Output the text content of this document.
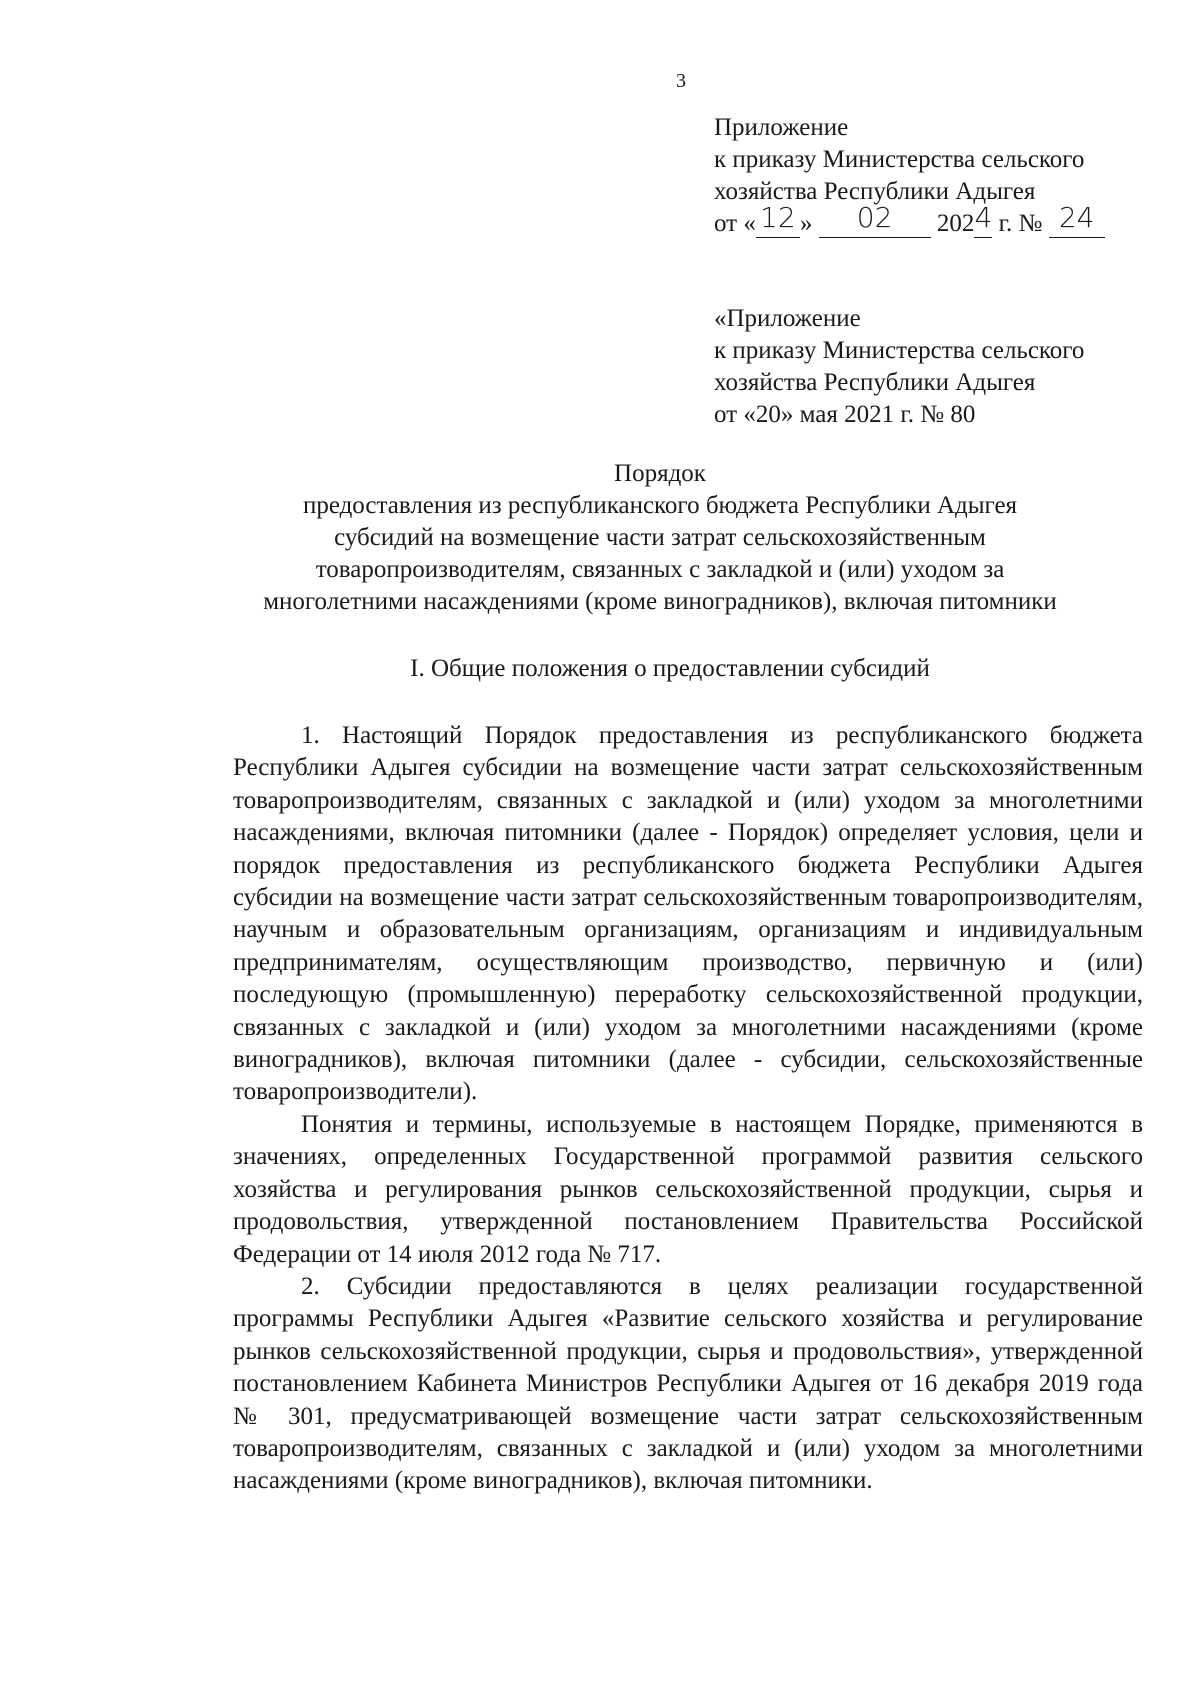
3
Приложение
к приказу Министерства сельского
хозяйства Республики Адыгея
от « 12 » 02 2024 г. № 24
«Приложение
к приказу Министерства сельского
хозяйства Республики Адыгея
от «20» мая 2021 г. № 80
Порядок
предоставления из республиканского бюджета Республики Адыгея
субсидий на возмещение части затрат сельскохозяйственным
товаропроизводителям, связанных с закладкой и (или) уходом за
многолетними насаждениями (кроме виноградников), включая питомники
I. Общие положения о предоставлении субсидий

1. Настоящий Порядок предоставления из республиканского бюджета Республики Адыгея субсидии на возмещение части затрат сельскохозяйственным товаропроизводителям, связанных с закладкой и (или) уходом за многолетними насаждениями, включая питомники (далее - Порядок) определяет условия, цели и порядок предоставления из республиканского бюджета Республики Адыгея субсидии на возмещение части затрат сельскохозяйственным товаропроизводителям, научным и образовательным организациям, организациям и индивидуальным предпринимателям, осуществляющим производство, первичную и (или) последующую (промышленную) переработку сельскохозяйственной продукции, связанных с закладкой и (или) уходом за многолетними насаждениями (кроме виноградников), включая питомники (далее - субсидии, сельскохозяйственные товаропроизводители).

Понятия и термины, используемые в настоящем Порядке, применяются в значениях, определенных Государственной программой развития сельского хозяйства и регулирования рынков сельскохозяйственной продукции, сырья и продовольствия, утвержденной постановлением Правительства Российской Федерации от 14 июля 2012 года № 717.

2. Субсидии предоставляются в целях реализации государственной программы Республики Адыгея «Развитие сельского хозяйства и регулирование рынков сельскохозяйственной продукции, сырья и продовольствия», утвержденной постановлением Кабинета Министров Республики Адыгея от 16 декабря 2019 года № 301, предусматривающей возмещение части затрат сельскохозяйственным товаропроизводителям, связанных с закладкой и (или) уходом за многолетними насаждениями (кроме виноградников), включая питомники.
